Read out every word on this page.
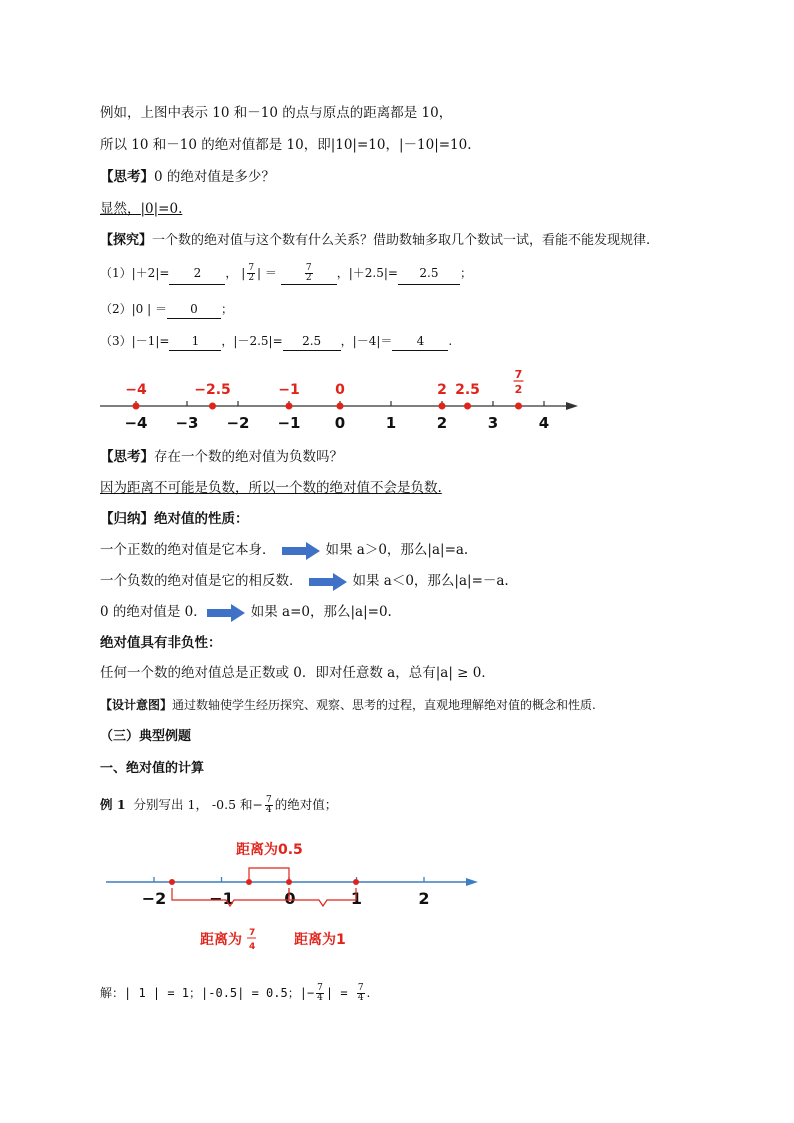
例如，上图中表示 10 和－10 的点与原点的距离都是 10，
所以 10 和－10 的绝对值都是 10，即|10|=10，|－10|=10.
【思考】0 的绝对值是多少？
显然，|0|=0.
【探究】一个数的绝对值与这个数有什么关系？借助数轴多取几个数试一试，看能不能发现规律.
（1）|＋2|= 2 ， | $\frac{7}{2}$ | ＝	$\frac{7}{2}$ ，|＋2.5|= 2.5 ；
（2）|0 | ＝ 0 ；
（3）|－1|= 1 ，|－2.5|= 2.5 ，|－4|＝ 4 .
−4 −3 −2 −1 0	1	2	3	4
−4	−2.5	−1	0	2 2.5
7
2
【思考】存在一个数的绝对值为负数吗？
因为距离不可能是负数，所以一个数的绝对值不会是负数.
【归纳】绝对值的性质：
一个正数的绝对值是它本身．	如果 a＞0，那么|a|=a.
一个负数的绝对值是它的相反数．	如果 a＜0，那么|a|=－a.
0 的绝对值是 0．	如果 a=0，那么|a|=0.
绝对值具有非负性：
任何一个数的绝对值总是正数或 0．即对任意数 a，总有|a| ≥ 0．
【设计意图】通过数轴使学生经历探究、观察、思考的过程，直观地理解绝对值的概念和性质.
（三）典型例题
一、绝对值的计算
例 1 分别写出 1， -0.5 和− $\frac{7}{4}$ 的绝对值；
−2	−1	0	1	2
距离为0.5
距离为 7
4	距离为1
解：| 1 | = 1；|-0.5| = 0.5；|− $\frac{7}{4}$ | = $\frac{7}{4}$ .
